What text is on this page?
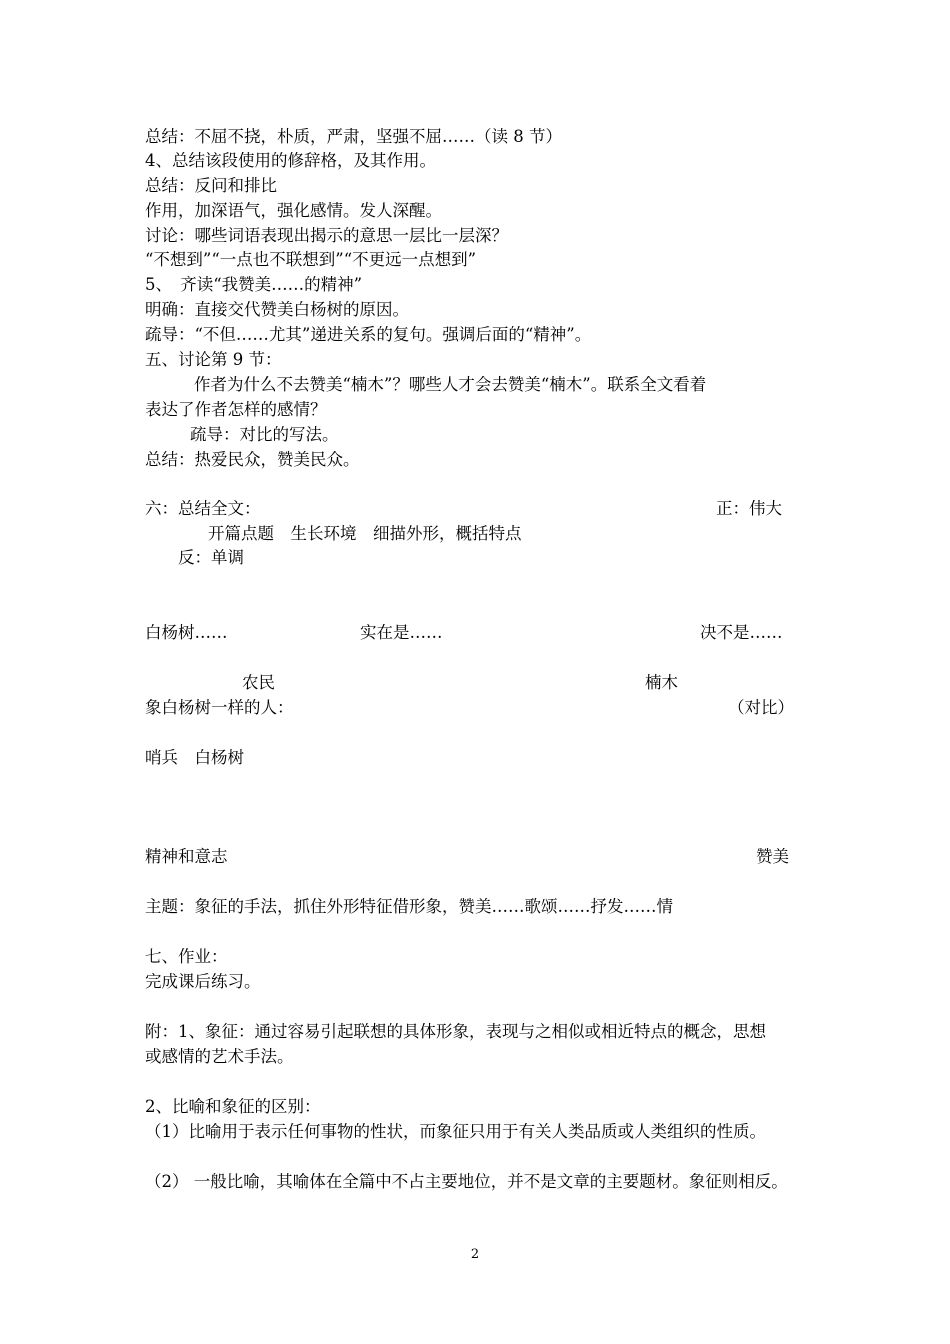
总结：不屈不挠，朴质，严肃，坚强不屈……（读 8 节）
4、总结该段使用的修辞格，及其作用。
总结：反问和排比
作用，加深语气，强化感情。发人深醒。
讨论：哪些词语表现出揭示的意思一层比一层深？
“不想到”“一点也不联想到”“不更远一点想到”
5、　齐读“我赞美……的精神”
明确：直接交代赞美白杨树的原因。
疏导：“不但……尤其”递进关系的复句。强调后面的“精神”。
五、讨论第 9 节：
作者为什么不去赞美“楠木”？哪些人才会去赞美“楠木”。联系全文看着
表达了作者怎样的感情？
疏导：对比的写法。
总结：热爱民众，赞美民众。
六：总结全文：	正：伟大
开篇点题　生长环境　细描外形，概括特点
反：单调
白杨树……	实在是……	决不是……
农民	楠木
象白杨树一样的人：	（对比）
哨兵　白杨树
精神和意志	赞美
主题：象征的手法，抓住外形特征借形象，赞美……歌颂……抒发……情
七、作业：
完成课后练习。
附：1、象征：通过容易引起联想的具体形象，表现与之相似或相近特点的概念，思想
或感情的艺术手法。
2、比喻和象征的区别：
（1）比喻用于表示任何事物的性状，而象征只用于有关人类品质或人类组织的性质。
（2） 一般比喻，其喻体在全篇中不占主要地位，并不是文章的主要题材。象征则相反。
2
